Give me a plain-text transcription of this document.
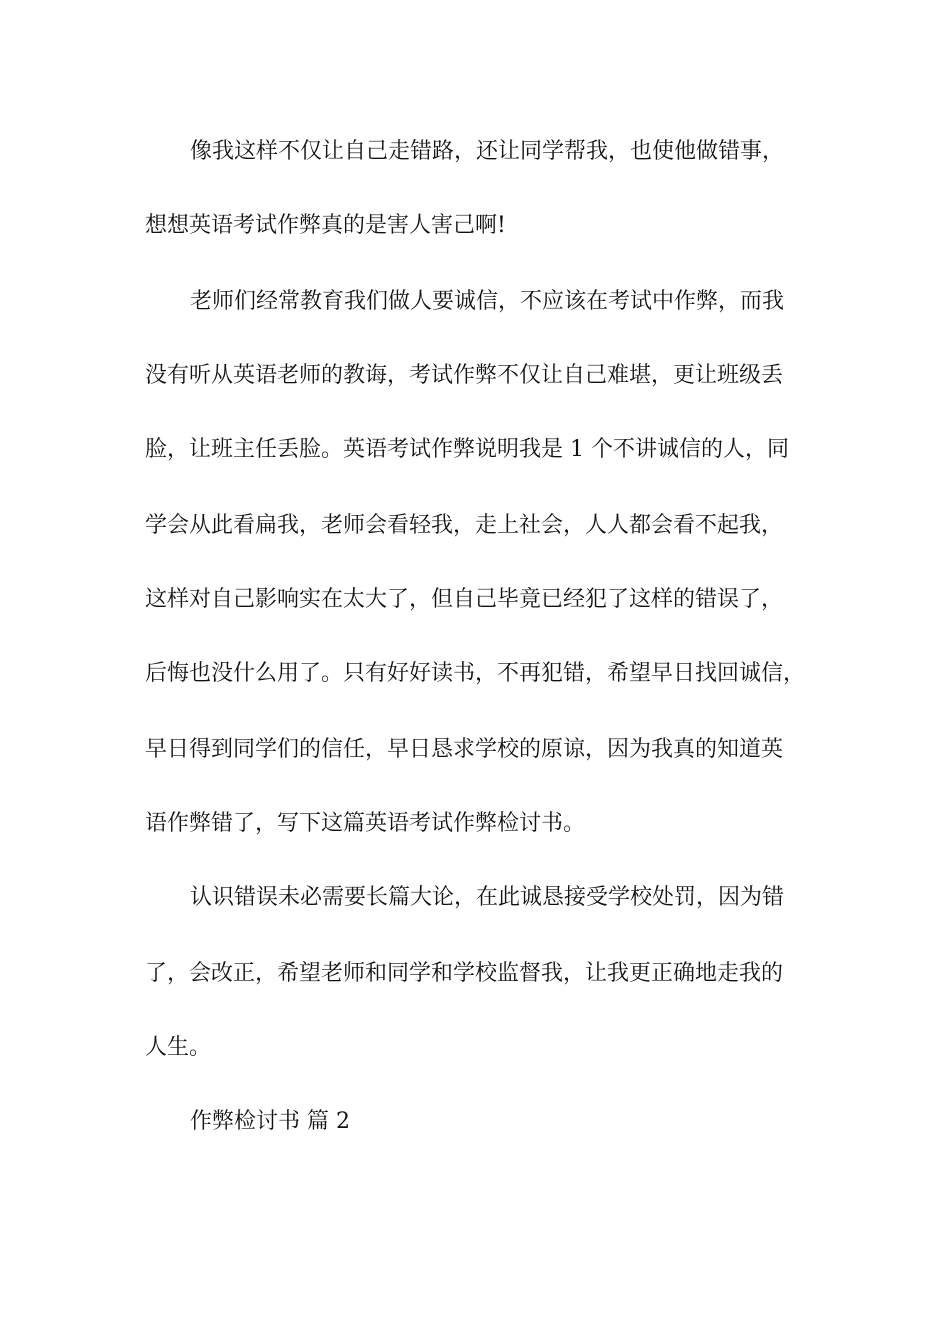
像我这样不仅让自己走错路，还让同学帮我，也使他做错事，
想想英语考试作弊真的是害人害己啊!
老师们经常教育我们做人要诚信，不应该在考试中作弊，而我
没有听从英语老师的教诲，考试作弊不仅让自己难堪，更让班级丢
脸，让班主任丢脸。英语考试作弊说明我是 1 个不讲诚信的人，同
学会从此看扁我，老师会看轻我，走上社会，人人都会看不起我，
这样对自己影响实在太大了，但自己毕竟已经犯了这样的错误了，
后悔也没什么用了。只有好好读书，不再犯错，希望早日找回诚信，
早日得到同学们的信任，早日恳求学校的原谅，因为我真的知道英
语作弊错了，写下这篇英语考试作弊检讨书。
认识错误未必需要长篇大论，在此诚恳接受学校处罚，因为错
了，会改正，希望老师和同学和学校监督我，让我更正确地走我的
人生。
作弊检讨书 篇 2
